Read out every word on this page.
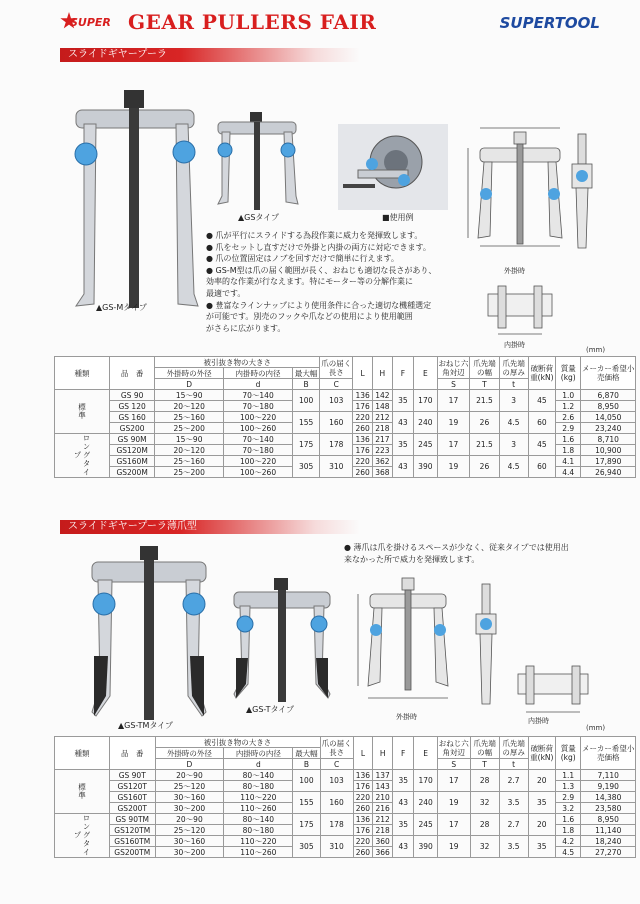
SUPER GEAR PULLERS FAIR	SUPERTOOL
スライドギヤープーラ
▲GS-Mタイプ
▲GSタイプ	■使用例
● 爪が平行にスライドする為段作業に威力を発揮致します。
● 爪をセットし直すだけで外掛と内掛の両方に対応できます。
● 爪の位置固定はノブを回すだけで簡単に行えます。
● GS-M型は爪の届く範囲が長く、おねじも適切な長さがあり、
効率的な作業が行なえます。特にモーター等の分解作業に
最適です。
● 豊富なラインナップにより使用条件に合った適切な機種選定
が可能です。別売のフックや爪などの使用により使用範囲
がさらに広がります。
外掛時
内掛時
(mm)
種類	品　番	被引抜き物の大きさ			爪の届く長さ	L	H	F	E	おねじ六角対辺	爪先端の幅	爪先端の厚み	破断荷重(kN)	質量(kg)	メーカー希望小売価格
		外掛時の外径	内掛時の内径	最大幅											
		D	d	B	C					S	T	t			
標準	GS 90	15～90	70～140	100	103	136	142	35	170	17	21.5	3	45	1.0	6,870
	GS 120	20～120	70～180			176	148							1.2	8,950
	GS 160	25～160	100～220	155	160	220	212	43	240	19	26	4.5	60	2.6	14,050
	GS200	25～200	100～260			260	218							2.9	23,240
ロングタイプ	GS 90M	15～90	70～140	175	178	136	217	35	245	17	21.5	3	45	1.6	8,710
	GS120M	20～120	70～180			176	223							1.8	10,900
	GS160M	25～160	100～220	305	310	220	362	43	390	19	26	4.5	60	4.1	17,890
	GS200M	25～200	100～260			260	368							4.4	26,940
スライドギヤープーラ薄爪型
▲GS-TMタイプ
▲GS-Tタイプ
● 薄爪は爪を掛けるスペースが少なく、従来タイプでは使用出
来なかった所で威力を発揮致します。
外掛時	内掛時
(mm)
種類	品　番	被引抜き物の大きさ			爪の届く長さ	L	H	F	E	おねじ六角対辺	爪先端の幅	爪先端の厚み	破断荷重(kN)	質量(kg)	メーカー希望小売価格
		外掛時の外径	内掛時の内径	最大幅											
		D	d	B	C					S	T	t			
標準	GS 90T	20～90	80～140	100	103	136	137	35	170	17	28	2.7	20	1.1	7,110
	GS120T	25～120	80～180			176	143							1.3	9,190
	GS160T	30～160	110～220	155	160	220	210	43	240	19	32	3.5	35	2.9	14,380
	GS200T	30～200	110～260			260	216							3.2	23,580
ロングタイプ	GS 90TM	20～90	80～140	175	178	136	212	35	245	17	28	2.7	20	1.6	8,950
	GS120TM	25～120	80～180			176	218							1.8	11,140
	GS160TM	30～160	110～220	305	310	220	360	43	390	19	32	3.5	35	4.2	18,240
	GS200TM	30～200	110～260			260	366							4.5	27,270
